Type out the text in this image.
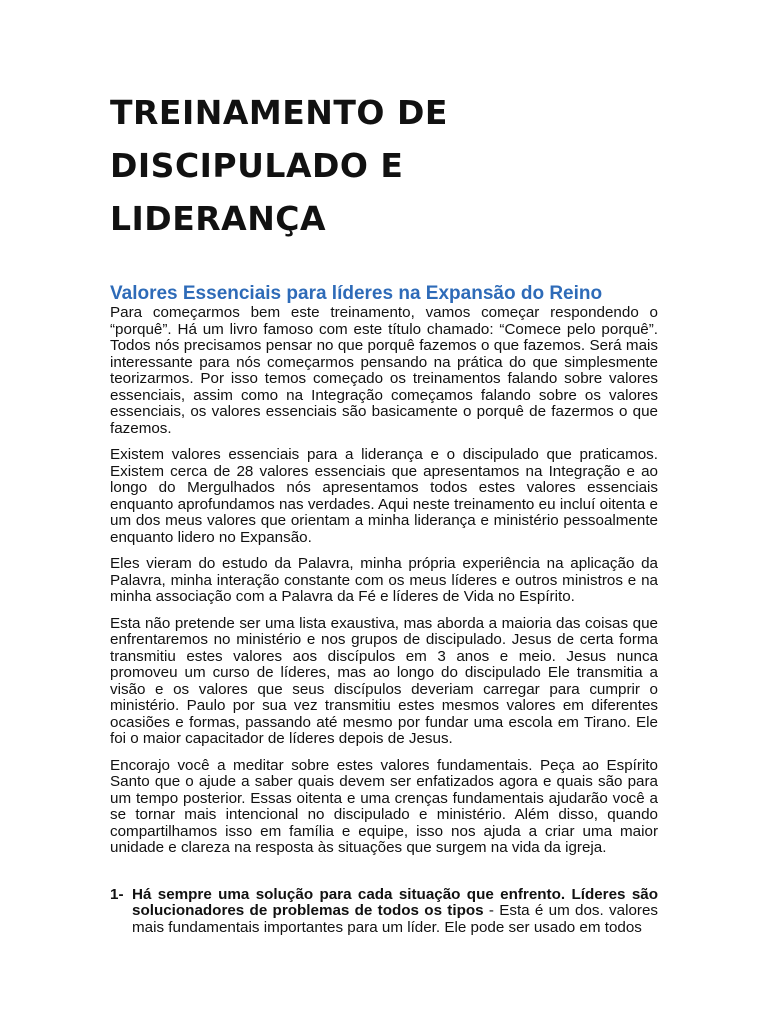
TREINAMENTO DE
DISCIPULADO E
LIDERANÇA
Valores Essenciais para líderes na Expansão do Reino

Para começarmos bem este treinamento, vamos começar respondendo o “porquê”. Há um livro famoso com este título chamado: “Comece pelo porquê”. Todos nós precisamos pensar no que porquê fazemos o que fazemos. Será mais interessante para nós começarmos pensando na prática do que simplesmente teorizarmos. Por isso temos começado os treinamentos falando sobre valores essenciais, assim como na Integração começamos falando sobre os valores essenciais, os valores essenciais são basicamente o porquê de fazermos o que fazemos.

Existem valores essenciais para a liderança e o discipulado que praticamos. Existem cerca de 28 valores essenciais que apresentamos na Integração e ao longo do Mergulhados nós apresentamos todos estes valores essenciais enquanto aprofundamos nas verdades. Aqui neste treinamento eu incluí oitenta e um dos meus valores que orientam a minha liderança e ministério pessoalmente enquanto lidero no Expansão.

Eles vieram do estudo da Palavra, minha própria experiência na aplicação da Palavra, minha interação constante com os meus líderes e outros ministros e na minha associação com a Palavra da Fé e líderes de Vida no Espírito.

Esta não pretende ser uma lista exaustiva, mas aborda a maioria das coisas que enfrentaremos no ministério e nos grupos de discipulado. Jesus de certa forma transmitiu estes valores aos discípulos em 3 anos e meio. Jesus nunca promoveu um curso de líderes, mas ao longo do discipulado Ele transmitia a visão e os valores que seus discípulos deveriam carregar para cumprir o ministério. Paulo por sua vez transmitiu estes mesmos valores em diferentes ocasiões e formas, passando até mesmo por fundar uma escola em Tirano. Ele foi o maior capacitador de líderes depois de Jesus.

Encorajo você a meditar sobre estes valores fundamentais. Peça ao Espírito Santo que o ajude a saber quais devem ser enfatizados agora e quais são para um tempo posterior. Essas oitenta e uma crenças fundamentais ajudarão você a se tornar mais intencional no discipulado e ministério. Além disso, quando compartilhamos isso em família e equipe, isso nos ajuda a criar uma maior unidade e clareza na resposta às situações que surgem na vida da igreja.

1- Há sempre uma solução para cada situação que enfrento. Líderes são solucionadores de problemas de todos os tipos - Esta é um dos. valores mais fundamentais importantes para um líder. Ele pode ser usado em todos
